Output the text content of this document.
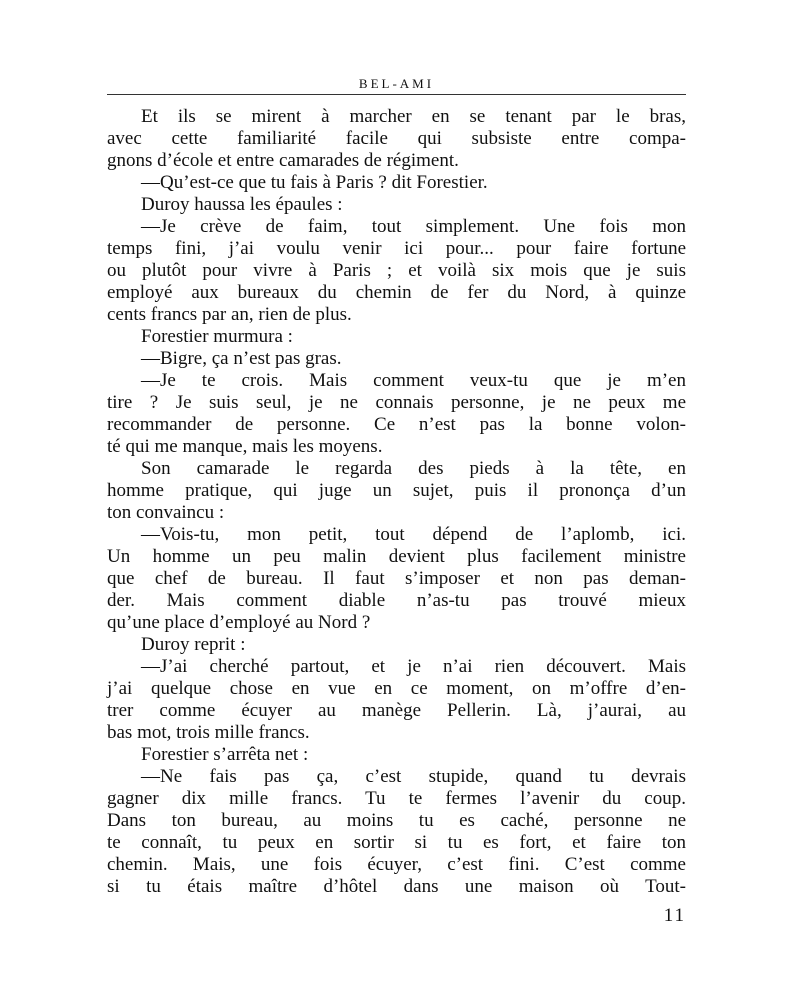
BEL-AMI
Et ils se mirent à marcher en se tenant par le bras,
avec cette familiarité facile qui subsiste entre compa-
gnons d’école et entre camarades de régiment.
—Qu’est-ce que tu fais à Paris ? dit Forestier.
Duroy haussa les épaules :
—Je crève de faim, tout simplement. Une fois mon
temps fini, j’ai voulu venir ici pour... pour faire fortune
ou plutôt pour vivre à Paris ; et voilà six mois que je suis
employé aux bureaux du chemin de fer du Nord, à quinze
cents francs par an, rien de plus.
Forestier murmura :
—Bigre, ça n’est pas gras.
—Je te crois. Mais comment veux-tu que je m’en
tire ? Je suis seul, je ne connais personne, je ne peux me
recommander de personne. Ce n’est pas la bonne volon-
té qui me manque, mais les moyens.
Son camarade le regarda des pieds à la tête, en
homme pratique, qui juge un sujet, puis il prononça d’un
ton convaincu :
—Vois-tu, mon petit, tout dépend de l’aplomb, ici.
Un homme un peu malin devient plus facilement ministre
que chef de bureau. Il faut s’imposer et non pas deman-
der. Mais comment diable n’as-tu pas trouvé mieux
qu’une place d’employé au Nord ?
Duroy reprit :
—J’ai cherché partout, et je n’ai rien découvert. Mais
j’ai quelque chose en vue en ce moment, on m’offre d’en-
trer comme écuyer au manège Pellerin. Là, j’aurai, au
bas mot, trois mille francs.
Forestier s’arrêta net :
—Ne fais pas ça, c’est stupide, quand tu devrais
gagner dix mille francs. Tu te fermes l’avenir du coup.
Dans ton bureau, au moins tu es caché, personne ne
te connaît, tu peux en sortir si tu es fort, et faire ton
chemin. Mais, une fois écuyer, c’est fini. C’est comme
si tu étais maître d’hôtel dans une maison où Tout-
11
